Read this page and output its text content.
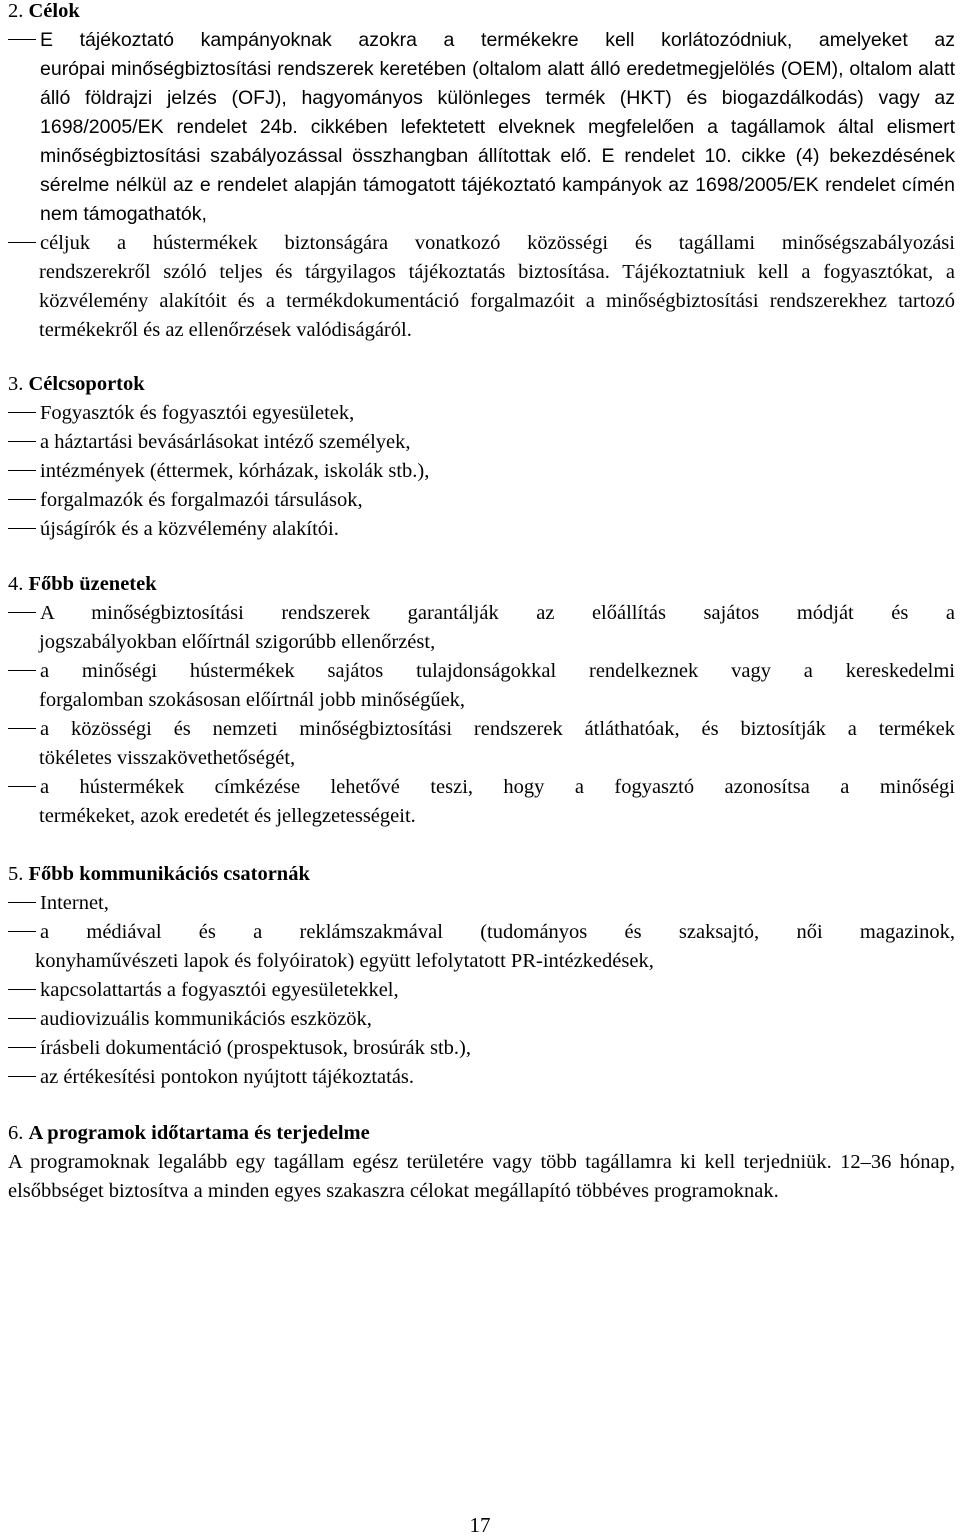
2. Célok

E tájékoztató kampányoknak azokra a termékekre kell korlátozódniuk, amelyeket az
európai minőségbiztosítási rendszerek keretében (oltalom alatt álló eredetmegjelölés (OEM), oltalom alatt álló földrajzi jelzés (OFJ), hagyományos különleges termék (HKT) és biogazdálkodás) vagy az 1698/2005/EK rendelet 24b. cikkében lefektetett elveknek megfelelően a tagállamok által elismert minőségbiztosítási szabályozással összhangban állítottak elő. E rendelet 10. cikke (4) bekezdésének sérelme nélkül az e rendelet alapján támogatott tájékoztató kampányok az 1698/2005/EK rendelet címén nem támogathatók,
céljuk a hústermékek biztonságára vonatkozó közösségi és tagállami minőségszabályozási
rendszerekről szóló teljes és tárgyilagos tájékoztatás biztosítása. Tájékoztatniuk kell a fogyasztókat, a közvélemény alakítóit és a termékdokumentáció forgalmazóit a minőségbiztosítási rendszerekhez tartozó termékekről és az ellenőrzések valódiságáról.

3. Célcsoportok

Fogyasztók és fogyasztói egyesületek,
a háztartási bevásárlásokat intéző személyek,
intézmények (éttermek, kórházak, iskolák stb.),
forgalmazók és forgalmazói társulások,
újságírók és a közvélemény alakítói.

4. Főbb üzenetek

A minőségbiztosítási rendszerek garantálják az előállítás sajátos módját és a
jogszabályokban előírtnál szigorúbb ellenőrzést,
a minőségi hústermékek sajátos tulajdonságokkal rendelkeznek vagy a kereskedelmi
forgalomban szokásosan előírtnál jobb minőségűek,
a közösségi és nemzeti minőségbiztosítási rendszerek átláthatóak, és biztosítják a termékek
tökéletes visszakövethetőségét,
a hústermékek címkézése lehetővé teszi, hogy a fogyasztó azonosítsa a minőségi
termékeket, azok eredetét és jellegzetességeit.

5. Főbb kommunikációs csatornák

Internet,
a médiával és a reklámszakmával (tudományos és szaksajtó, női magazinok,
konyhaművészeti lapok és folyóiratok) együtt lefolytatott PR-intézkedések,
kapcsolattartás a fogyasztói egyesületekkel,
audiovizuális kommunikációs eszközök,
írásbeli dokumentáció (prospektusok, brosúrák stb.),
az értékesítési pontokon nyújtott tájékoztatás.

6. A programok időtartama és terjedelme

A programoknak legalább egy tagállam egész területére vagy több tagállamra ki kell terjedniük. 12–36 hónap, elsőbbséget biztosítva a minden egyes szakaszra célokat megállapító többéves programoknak.
17
